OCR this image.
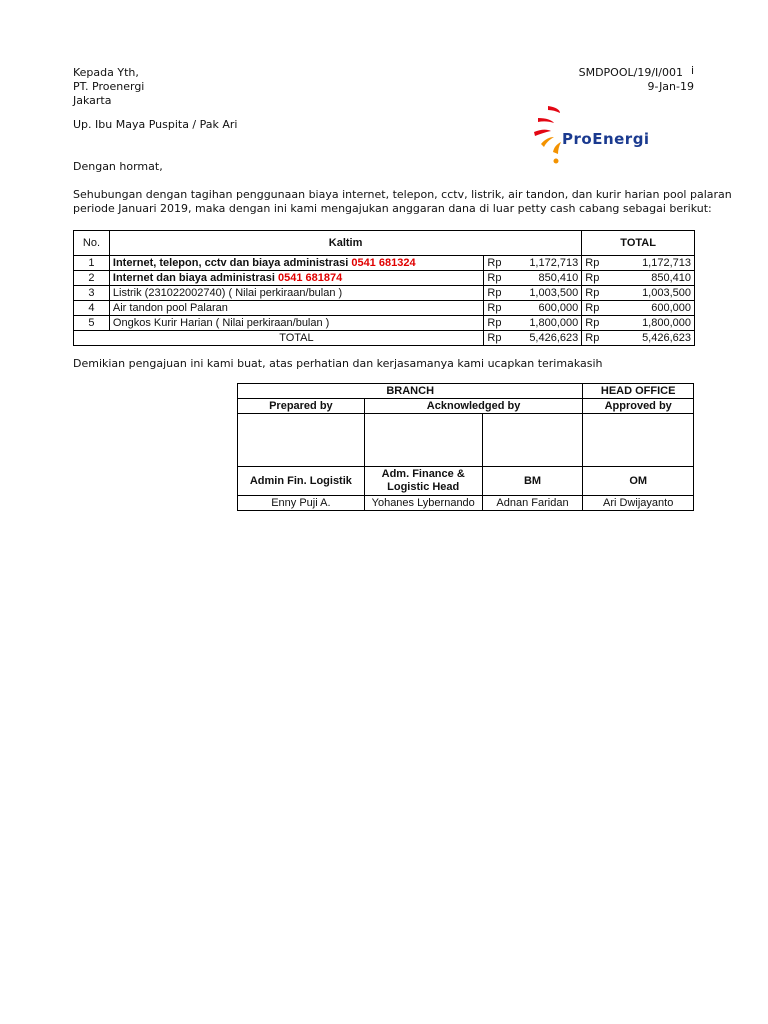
Kepada Yth,
PT. Proenergi
Jakarta
SMDPOOL/19/I/001 i
9-Jan-19
Up. Ibu Maya Puspita / Pak Ari
ProEnergi
Dengan hormat,
Sehubungan dengan tagihan penggunaan biaya internet, telepon, cctv, listrik, air tandon, dan kurir harian pool palaran
periode Januari 2019, maka dengan ini kami mengajukan anggaran dana di luar petty cash cabang sebagai berikut:
No.	Kaltim			TOTAL	
1	Internet, telepon, cctv dan biaya administrasi 0541 681324	Rp	1,172,713	Rp	1,172,713
2	Internet dan biaya administrasi 0541 681874	Rp	850,410	Rp	850,410
3	Listrik (231022002740) ( Nilai perkiraan/bulan )	Rp	1,003,500	Rp	1,003,500
4	Air tandon pool Palaran	Rp	600,000	Rp	600,000
5	Ongkos Kurir Harian ( Nilai perkiraan/bulan )	Rp	1,800,000	Rp	1,800,000
	TOTAL	Rp	5,426,623	Rp	5,426,623
Demikian pengajuan ini kami buat, atas perhatian dan kerjasamanya kami ucapkan terimakasih
BRANCH			HEAD OFFICE
Prepared by	Acknowledged by		Approved by

Admin Fin. Logistik	Adm. Finance &
Logistic Head	BM	OM
Enny Puji A.	Yohanes Lybernando	Adnan Faridan	Ari Dwijayanto
